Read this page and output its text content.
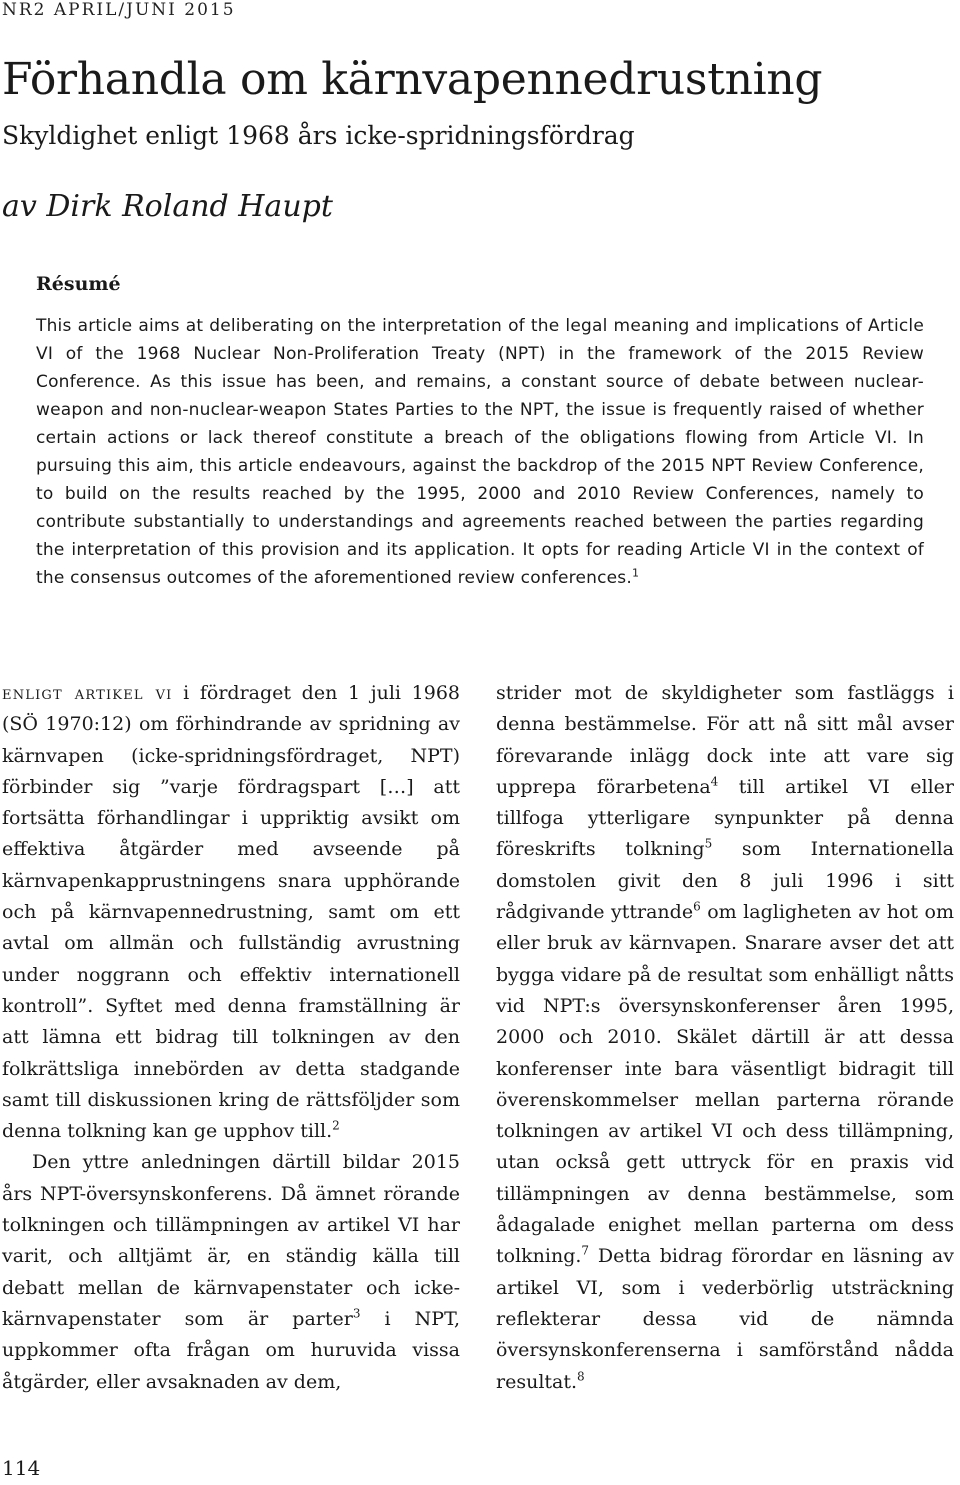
NR2 APRIL/JUNI 2015
Förhandla om kärnvapennedrustning
Skyldighet enligt 1968 års icke-spridningsfördrag
av Dirk Roland Haupt
Résumé

This article aims at deliberating on the interpretation of the legal meaning and implications of Article VI of the 1968 Nuclear Non-Proliferation Treaty (NPT) in the framework of the 2015 Review Conference. As this issue has been, and remains, a constant source of debate between nuclear-weapon and non-nuclear-weapon States Parties to the NPT, the issue is frequently raised of whether certain actions or lack thereof constitute a breach of the obligations flowing from Article VI. In pursuing this aim, this article endeavours, against the backdrop of the 2015 NPT Review Conference, to build on the results reached by the 1995, 2000 and 2010 Review Conferences, namely to contribute substantially to understandings and agreements reached between the parties regarding the interpretation of this provision and its application. It opts for reading Article VI in the context of the consensus outcomes of the aforementioned review conferences.$^1$

enligt artikel vi i fördraget den 1 juli 1968 (SÖ 1970:12) om förhindrande av spridning av kärnvapen (icke-spridningsfördraget, NPT) förbinder sig ”varje fördragspart […] att fortsätta förhandlingar i uppriktig avsikt om effektiva åtgärder med avseende på kärnvapenkapprustningens snara upphörande och på kärnvapennedrustning, samt om ett avtal om allmän och fullständig avrustning under noggrann och effektiv internationell kontroll”. Syftet med denna framställning är att lämna ett bidrag till tolkningen av den folkrättsliga innebörden av detta stadgande samt till diskussionen kring de rättsföljder som denna tolkning kan ge upphov till.$^2$

Den yttre anledningen därtill bildar 2015 års NPT-översynskonferens. Då ämnet rörande tolkningen och tillämpningen av artikel VI har varit, och alltjämt är, en ständig källa till debatt mellan de kärnvapenstater och icke-kärnvapenstater som är parter$^3$ i NPT, uppkommer ofta frågan om huruvida vissa åtgärder, eller avsaknaden av dem,

strider mot de skyldigheter som fastläggs i denna bestämmelse. För att nå sitt mål avser förevarande inlägg dock inte att vare sig upprepa förarbetena$^4$ till artikel VI eller tillfoga ytterligare synpunkter på denna föreskrifts tolkning$^5$ som Internationella domstolen givit den 8 juli 1996 i sitt rådgivande yttrande$^6$ om lagligheten av hot om eller bruk av kärnvapen. Snarare avser det att bygga vidare på de resultat som enhälligt nåtts vid NPT:s översynskonferenser åren 1995, 2000 och 2010. Skälet därtill är att dessa konferenser inte bara väsentligt bidragit till överenskommelser mellan parterna rörande tolkningen av artikel VI och dess tillämpning, utan också gett uttryck för en praxis vid tillämpningen av denna bestämmelse, som ådagalade enighet mellan parterna om dess tolkning.$^7$ Detta bidrag förordar en läsning av artikel VI, som i vederbörlig utsträckning reflekterar dessa vid de nämnda översynskonferenserna i samförstånd nådda resultat.$^8$

114
